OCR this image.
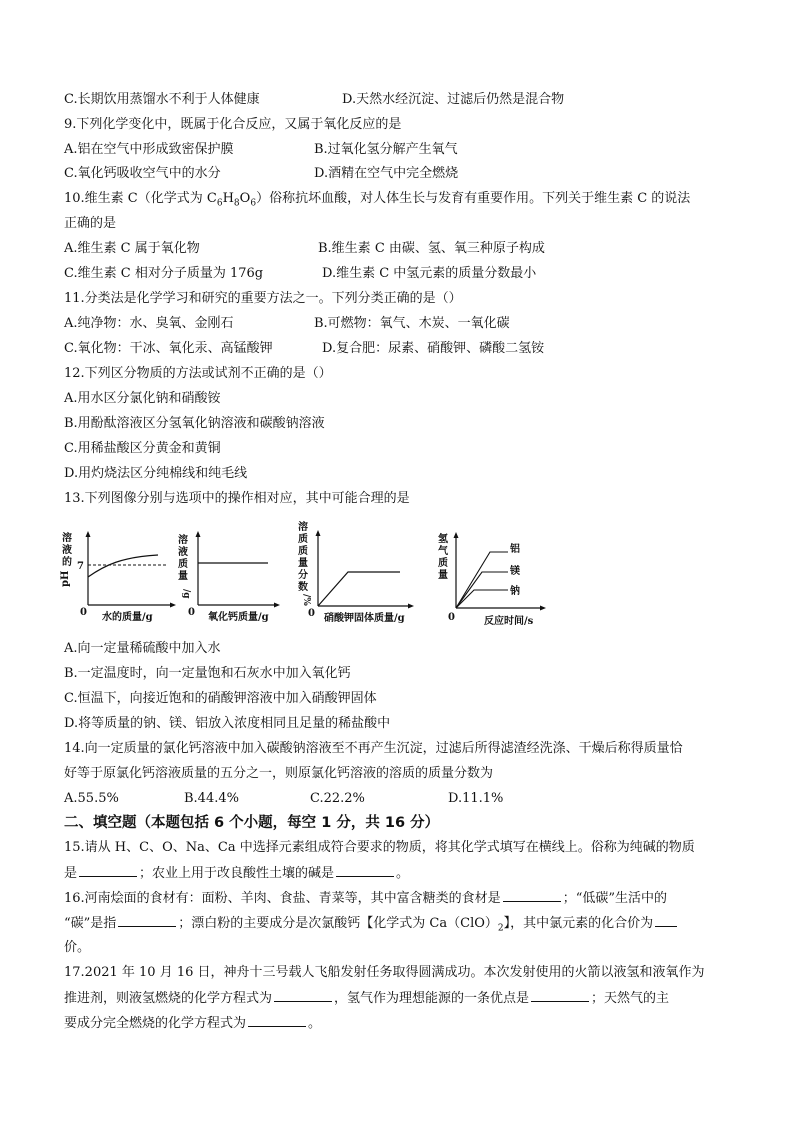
C.长期饮用蒸馏水不利于人体健康	D.天然水经沉淀、过滤后仍然是混合物
9.下列化学变化中，既属于化合反应，又属于氧化反应的是
A.铝在空气中形成致密保护膜	B.过氧化氢分解产生氧气
C.氧化钙吸收空气中的水分	D.酒精在空气中完全燃烧
10.维生素 C（化学式为 $C_6H_8O_6$）俗称抗坏血酸，对人体生长与发育有重要作用。下列关于维生素 C 的说法
正确的是
A.维生素 C 属于氧化物	B.维生素 C 由碳、氢、氧三种原子构成
C.维生素 C 相对分子质量为 176g	D.维生素 C 中氢元素的质量分数最小
11.分类法是化学学习和研究的重要方法之一。下列分类正确的是（）
A.纯净物：水、臭氧、金刚石	B.可燃物：氧气、木炭、一氧化碳
C.氧化物：干冰、氧化汞、高锰酸钾	D.复合肥：尿素、硝酸钾、磷酸二氢铵
12.下列区分物质的方法或试剂不正确的是（）
A.用水区分氯化钠和硝酸铵
B.用酚酞溶液区分氢氧化钠溶液和碳酸钠溶液
C.用稀盐酸区分黄金和黄铜
D.用灼烧法区分纯棉线和纯毛线
13.下列图像分别与选项中的操作相对应，其中可能合理的是
溶
液
的
pH
7
0 水的质量/g
溶
液
质
量
/g
0 氧化钙质量/g
溶
质
质
量
分
数
/%
0 硝酸钾固体质量/g
氢
气
质
量
0	反应时间/s
铝
镁
钠
A.向一定量稀硫酸中加入水
B.一定温度时，向一定量饱和石灰水中加入氧化钙
C.恒温下，向接近饱和的硝酸钾溶液中加入硝酸钾固体
D.将等质量的钠、镁、铝放入浓度相同且足量的稀盐酸中
14.向一定质量的氯化钙溶液中加入碳酸钠溶液至不再产生沉淀，过滤后所得滤渣经洗涤、干燥后称得质量恰
好等于原氯化钙溶液质量的五分之一，则原氯化钙溶液的溶质的质量分数为
A.55.5%	B.44.4%	C.22.2%	D.11.1%
二、填空题（本题包括 6 个小题，每空 1 分，共 16 分）
15.请从 H、C、O、Na、Ca 中选择元素组成符合要求的物质，将其化学式填写在横线上。俗称为纯碱的物质
是	；农业上用于改良酸性土壤的碱是	。
16.河南烩面的食材有：面粉、羊肉、食盐、青菜等，其中富含糖类的食材是	；“低碳”生活中的
“碳”是指	；漂白粉的主要成分是次氯酸钙【化学式为 $Ca(ClO)_2$】，其中氯元素的化合价为
价。
17.2021 年 10 月 16 日，神舟十三号载人飞船发射任务取得圆满成功。本次发射使用的火箭以液氢和液氧作为
推进剂，则液氢燃烧的化学方程式为	，氢气作为理想能源的一条优点是	；天然气的主
要成分完全燃烧的化学方程式为	。
